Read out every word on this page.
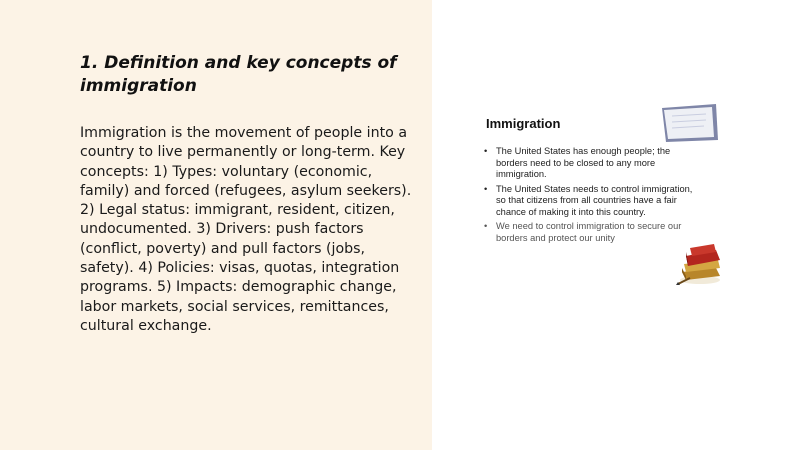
1. Definition and key concepts of immigration

Immigration is the movement of people into a country to live permanently or long-term. Key concepts: 1) Types: voluntary (economic, family) and forced (refugees, asylum seekers). 2) Legal status: immigrant, resident, citizen, undocumented. 3) Drivers: push factors (conflict, poverty) and pull factors (jobs, safety). 4) Policies: visas, quotas, integration programs. 5) Impacts: demographic change, labor markets, social services, remittances, cultural exchange.

Immigration
• The United States has enough people; the borders need to be closed to any more immigration.
• The United States needs to control immigration, so that citizens from all countries have a fair chance of making it into this country.
• We need to control immigration to secure our borders and protect our unity
